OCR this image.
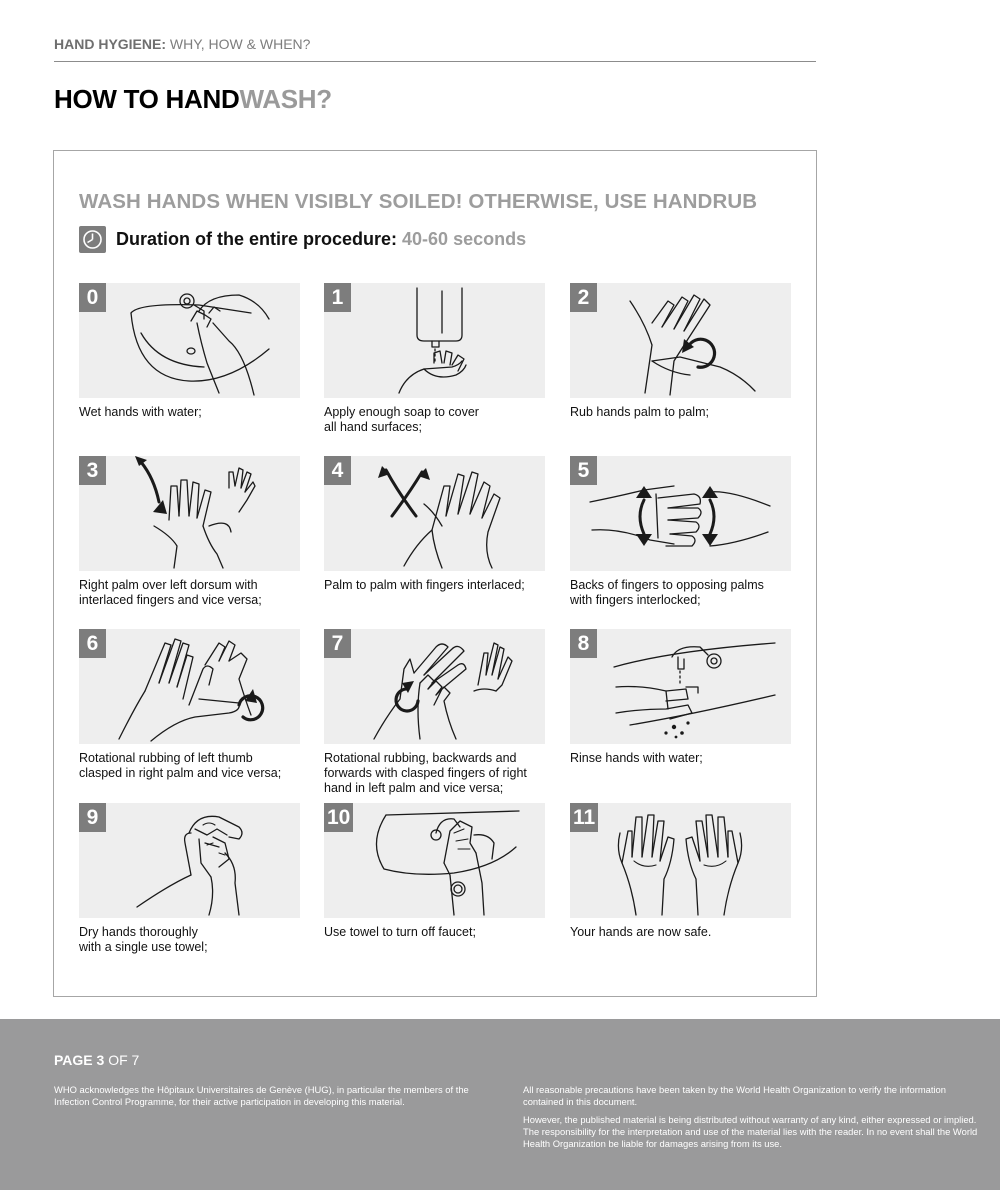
HAND HYGIENE: WHY, HOW & WHEN?
HOW TO HANDWASH?
WASH HANDS WHEN VISIBLY SOILED! OTHERWISE, USE HANDRUB
Duration of the entire procedure: 40-60 seconds
0
Wet hands with water;
1
Apply enough soap to cover
all hand surfaces;
2
Rub hands palm to palm;
3
Right palm over left dorsum with
interlaced fingers and vice versa;
4
Palm to palm with fingers interlaced;
5
Backs of fingers to opposing palms
with fingers interlocked;
6
Rotational rubbing of left thumb
clasped in right palm and vice versa;
7
Rotational rubbing, backwards and
forwards with clasped fingers of right
hand in left palm and vice versa;
8
Rinse hands with water;
9
Dry hands thoroughly
with a single use towel;
10
Use towel to turn off faucet;
11
Your hands are now safe.
PAGE 3 OF 7
WHO acknowledges the Hôpitaux Universitaires de Genève (HUG), in particular the members of the Infection Control Programme, for their active participation in developing this material.

All reasonable precautions have been taken by the World Health Organization to verify the information contained in this document.

However, the published material is being distributed without warranty of any kind, either expressed or implied. The responsibility for the interpretation and use of the material lies with the reader. In no event shall the World Health Organization be liable for damages arising from its use.
